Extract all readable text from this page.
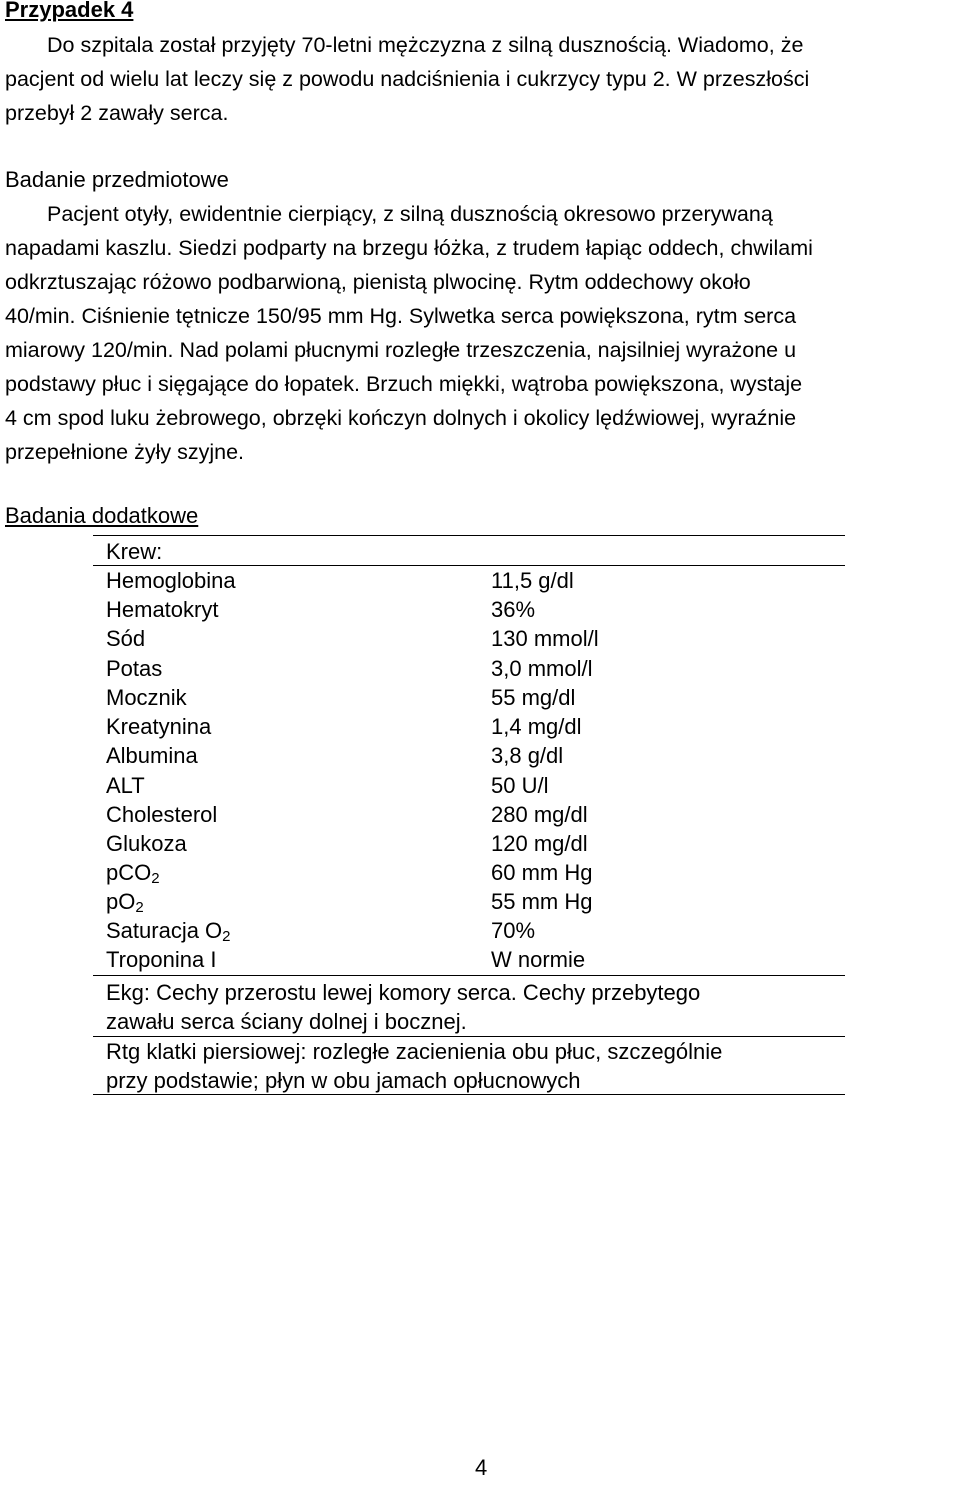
Przypadek 4
Do szpitala został przyjęty 70-letni mężczyzna z silną dusznością. Wiadomo, że
pacjent od wielu lat leczy się z powodu nadciśnienia i cukrzycy typu 2. W przeszłości
przebył 2 zawały serca.
Badanie przedmiotowe
Pacjent otyły, ewidentnie cierpiący, z silną dusznością okresowo przerywaną
napadami kaszlu. Siedzi podparty na brzegu łóżka, z trudem łapiąc oddech, chwilami
odkrztuszając różowo podbarwioną, pienistą plwocinę. Rytm oddechowy około
40/min. Ciśnienie tętnicze 150/95 mm Hg. Sylwetka serca powiększona, rytm serca
miarowy 120/min. Nad polami płucnymi rozległe trzeszczenia, najsilniej wyrażone u
podstawy płuc i sięgające do łopatek. Brzuch miękki, wątroba powiększona, wystaje
4 cm spod luku żebrowego, obrzęki kończyn dolnych i okolicy lędźwiowej, wyraźnie
przepełnione żyły szyjne.
Badania dodatkowe
Krew:
Hemoglobina	11,5 g/dl
Hematokryt	36%
Sód	130 mmol/l
Potas	3,0 mmol/l
Mocznik	55 mg/dl
Kreatynina	1,4 mg/dl
Albumina	3,8 g/dl
ALT	50 U/l
Cholesterol	280 mg/dl
Glukoza	120 mg/dl
pCO2	60 mm Hg
pO2	55 mm Hg
Saturacja O2	70%
Troponina I	W normie
Ekg: Cechy przerostu lewej komory serca. Cechy przebytego
zawału serca ściany dolnej i bocznej.
Rtg klatki piersiowej: rozległe zacienienia obu płuc, szczególnie
przy podstawie; płyn w obu jamach opłucnowych
4
